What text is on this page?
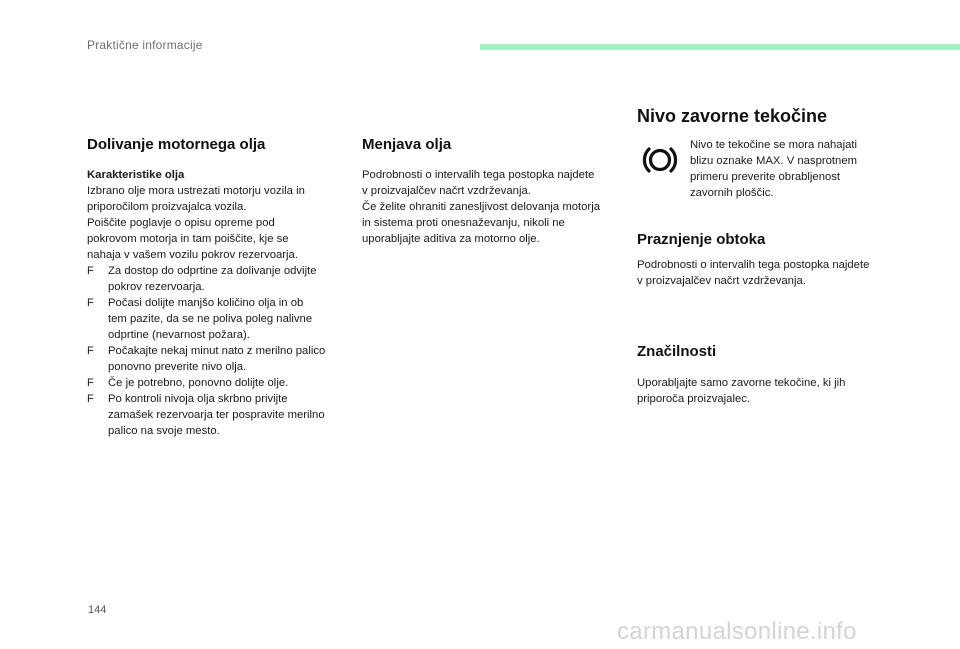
Praktične informacije
Dolivanje motornega olja
Karakteristike olja

Izbrano olje mora ustrezati motorju vozila in

priporočilom proizvajalca vozila.

Poiščite poglavje o opisu opreme pod

pokrovom motorja in tam poiščite, kje se

nahaja v vašem vozilu pokrov rezervoarja.

F Za dostop do odprtine za dolivanje odvijte
pokrov rezervoarja.
F Počasi dolijte manjšo količino olja in ob
tem pazite, da se ne poliva poleg nalivne
odprtine (nevarnost požara).
F Počakajte nekaj minut nato z merilno palico
ponovno preverite nivo olja.
F Če je potrebno, ponovno dolijte olje.
F Po kontroli nivoja olja skrbno privijte
zamašek rezervoarja ter pospravite merilno
palico na svoje mesto.
Menjava olja

Podrobnosti o intervalih tega postopka najdete

v proizvajalčev načrt vzdrževanja.

Če želite ohraniti zanesljivost delovanja motorja

in sistema proti onesnaževanju, nikoli ne

uporabljajte aditiva za motorno olje.

Nivo zavorne tekočine

Nivo te tekočine se mora nahajati

blizu oznake MAX. V nasprotnem

primeru preverite obrabljenost

zavornih ploščic.

Praznjenje obtoka

Podrobnosti o intervalih tega postopka najdete

v proizvajalčev načrt vzdrževanja.

Značilnosti

Uporabljajte samo zavorne tekočine, ki jih

priporoča proizvajalec.

144
carmanualsonline.info
